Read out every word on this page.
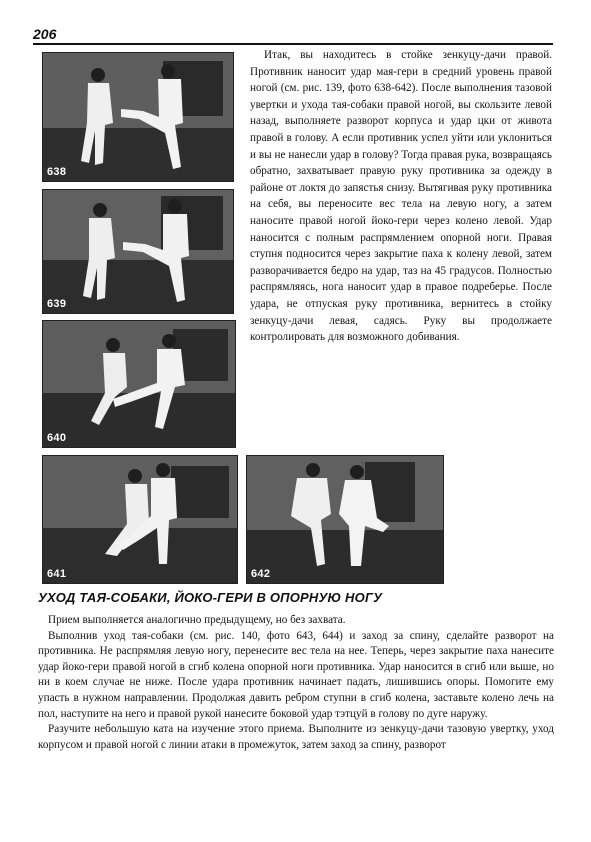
206
638
639
640
641	642

Итак, вы находитесь в стойке зенкуцу-дачи правой. Противник наносит удар мая-гери в средний уровень правой ногой (см. рис. 139, фото 638-642). После выполнения тазовой увертки и ухода тая-собаки правой ногой, вы скользите левой назад, выполняете разворот корпуса и удар цки от живота правой в голову. А если противник успел уйти или уклониться и вы не нанесли удар в голову? Тогда правая рука, возвращаясь обратно, захватывает правую руку противника за одежду в районе от локтя до запястья снизу. Вытягивая руку противника на себя, вы переносите вес тела на левую ногу, а затем наносите правой ногой йоко-гери через колено левой. Удар наносится с полным распрямлением опорной ноги. Правая ступня подносится через закрытие паха к колену левой, затем разворачивается бедро на удар, таз на 45 градусов. Полностью распрямляясь, нога наносит удар в правое подреберье. После удара, не отпуская руку противника, вернитесь в стойку зенкуцу-дачи левая, садясь. Руку вы продолжаете контролировать для возможного добивания.

УХОД ТАЯ-СОБАКИ, ЙОКО-ГЕРИ В ОПОРНУЮ НОГУ

Прием выполняется аналогично предыдущему, но без захвата.

Выполнив уход тая-собаки (см. рис. 140, фото 643, 644) и заход за спину, сделайте разворот на противника. Не распрямляя левую ногу, перенесите вес тела на нее. Теперь, через закрытие паха нанесите удар йоко-гери правой ногой в сгиб колена опорной ноги противника. Удар наносится в сгиб или выше, но ни в коем случае не ниже. После удара противник начинает падать, лишившись опоры. Помогите ему упасть в нужном направлении. Продолжая давить ребром ступни в сгиб колена, заставьте колено лечь на пол, наступите на него и правой рукой нанесите боковой удар тэтцуй в голову по дуге наружу.

Разучите небольшую ката на изучение этого приема. Выполните из зенкуцу-дачи тазовую увертку, уход корпусом и правой ногой с линии атаки в промежуток, затем заход за спину, разворот
